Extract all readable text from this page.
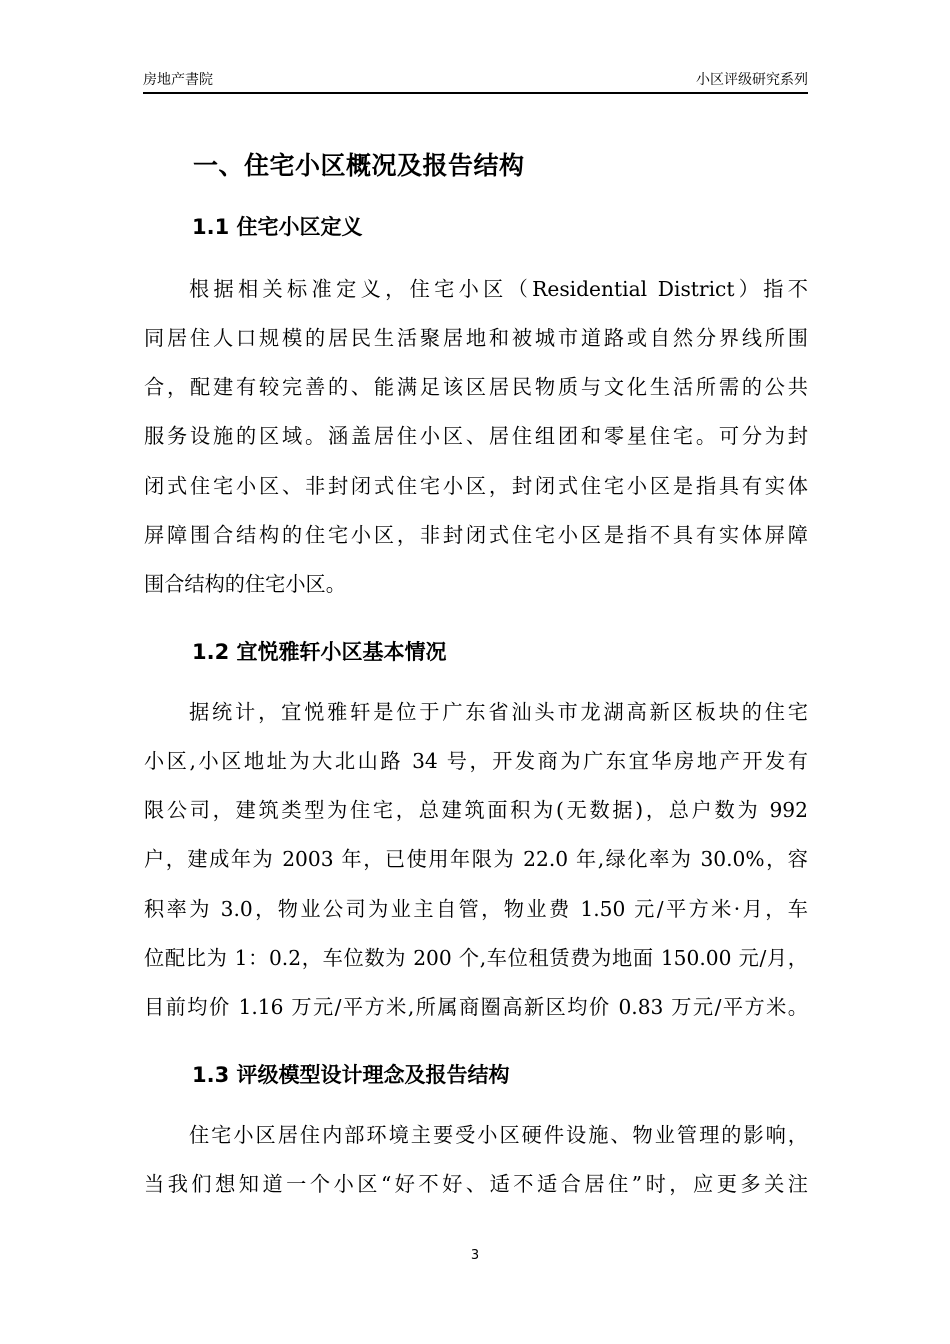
房地产書院	小区评级研究系列
一、住宅小区概况及报告结构
1.1 住宅小区定义
根据相关标准定义，住宅小区（Residential District）指不
同居住人口规模的居民生活聚居地和被城市道路或自然分界线所围
合，配建有较完善的、能满足该区居民物质与文化生活所需的公共
服务设施的区域。涵盖居住小区、居住组团和零星住宅。可分为封
闭式住宅小区、非封闭式住宅小区，封闭式住宅小区是指具有实体
屏障围合结构的住宅小区，非封闭式住宅小区是指不具有实体屏障
围合结构的住宅小区。
1.2 宜悦雅轩小区基本情况
据统计，宜悦雅轩是位于广东省汕头市龙湖高新区板块的住宅
小区,小区地址为大北山路 34 号，开发商为广东宜华房地产开发有
限公司，建筑类型为住宅，总建筑面积为(无数据)，总户数为 992
户，建成年为 2003 年，已使用年限为 22.0 年,绿化率为 30.0%，容
积率为 3.0，物业公司为业主自管，物业费 1.50 元/平方米·月，车
位配比为 1：0.2，车位数为 200 个,车位租赁费为地面 150.00 元/月，
目前均价 1.16 万元/平方米,所属商圈高新区均价 0.83 万元/平方米。
1.3 评级模型设计理念及报告结构
住宅小区居住内部环境主要受小区硬件设施、物业管理的影响，
当我们想知道一个小区“好不好、适不适合居住”时，应更多关注
3
